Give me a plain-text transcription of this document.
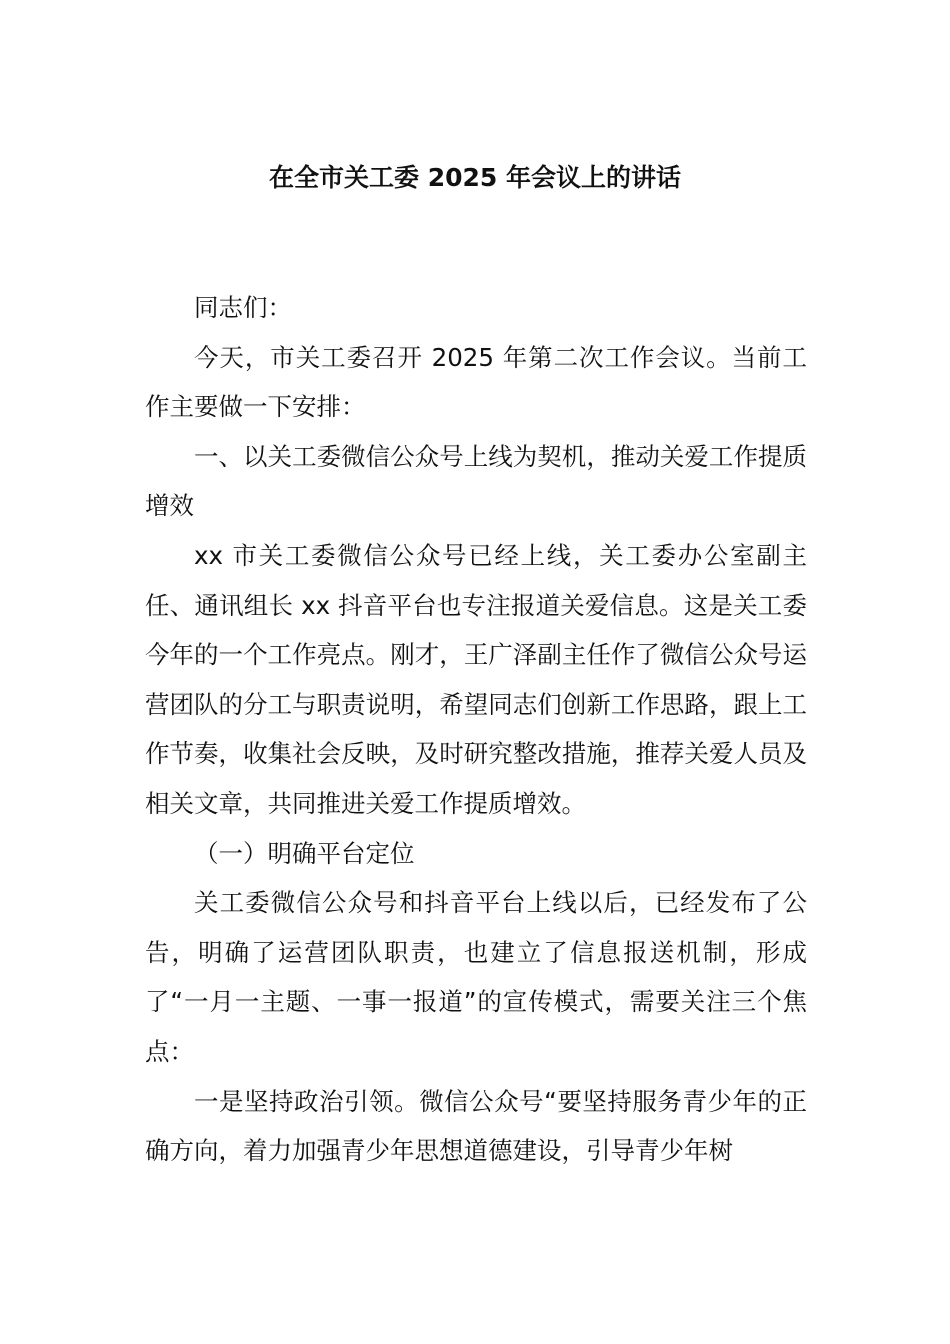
在全市关工委 2025 年会议上的讲话

同志们：

今天，市关工委召开 2025 年第二次工作会议。当前工作主要做一下安排：

一、以关工委微信公众号上线为契机，推动关爱工作提质增效

xx 市关工委微信公众号已经上线，关工委办公室副主任、通讯组长 xx 抖音平台也专注报道关爱信息。这是关工委今年的一个工作亮点。刚才，王广泽副主任作了微信公众号运营团队的分工与职责说明，希望同志们创新工作思路，跟上工作节奏，收集社会反映，及时研究整改措施，推荐关爱人员及相关文章，共同推进关爱工作提质增效。

（一）明确平台定位

关工委微信公众号和抖音平台上线以后，已经发布了公告，明确了运营团队职责，也建立了信息报送机制，形成了“一月一主题、一事一报道”的宣传模式，需要关注三个焦点：

一是坚持政治引领。微信公众号“要坚持服务青少年的正确方向，着力加强青少年思想道德建设，引导青少年树
